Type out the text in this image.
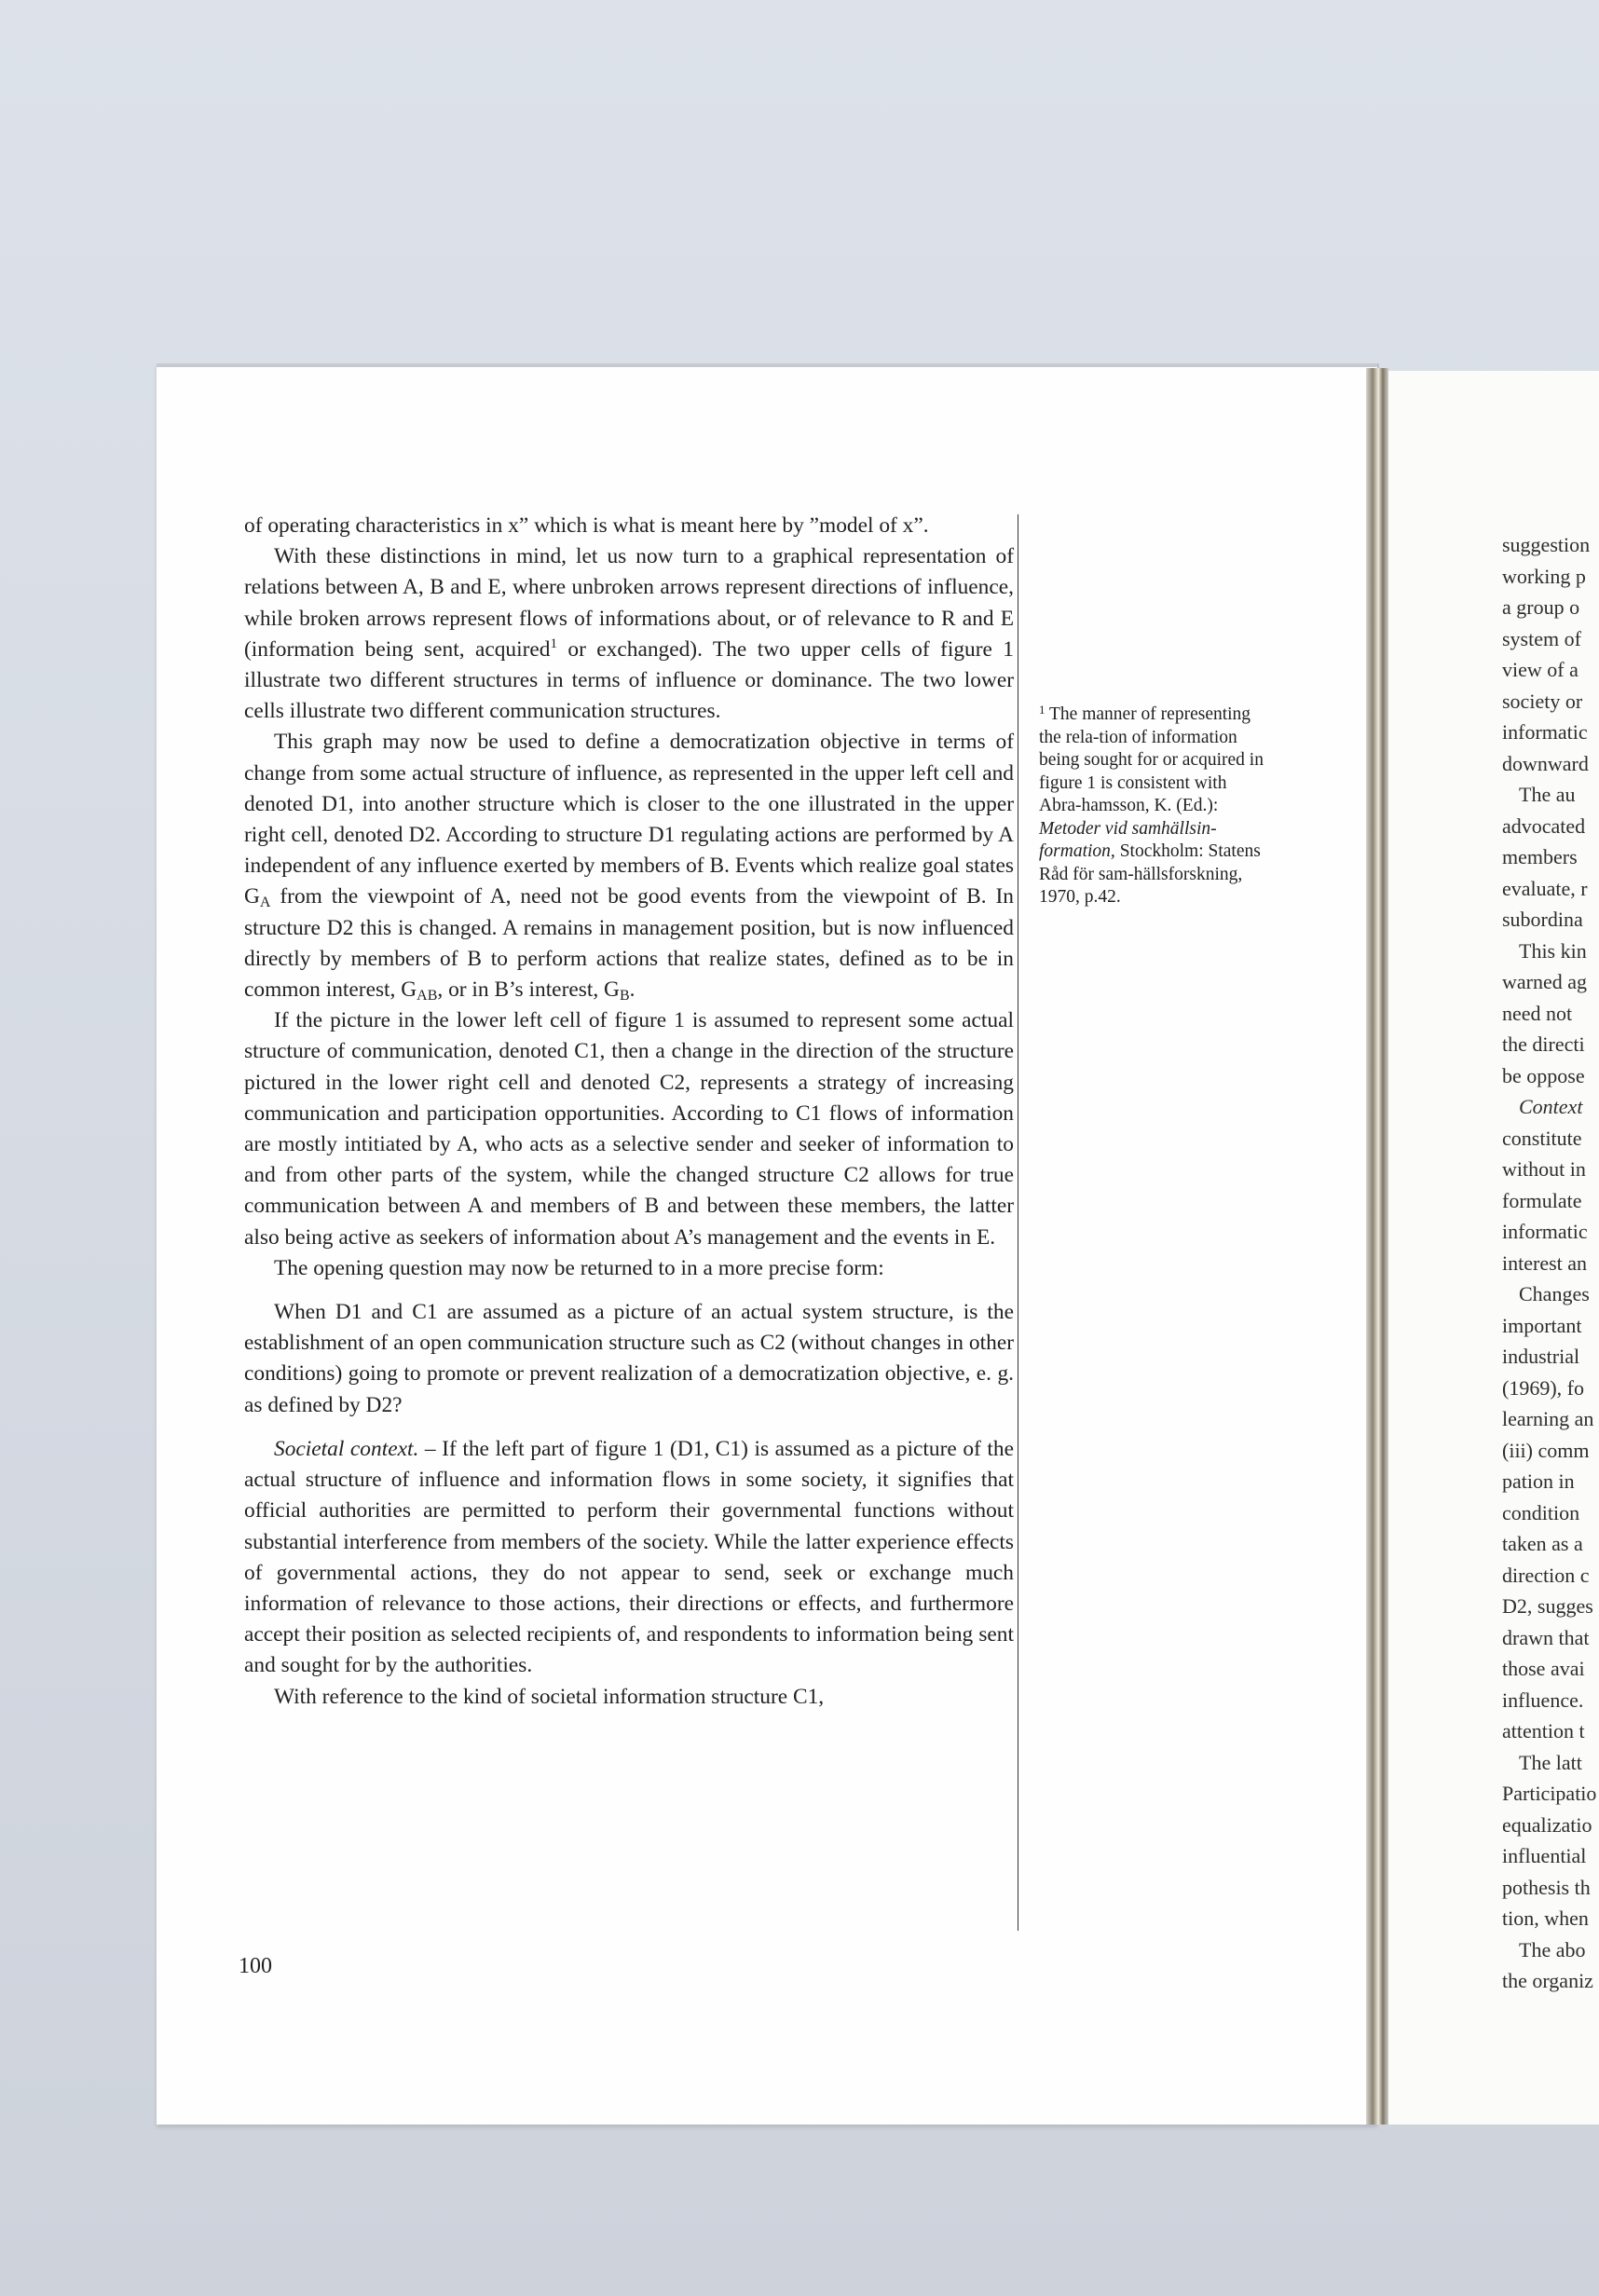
of operating characteristics in x” which is what is meant here by ”model of x”.

With these distinctions in mind, let us now turn to a graphical representation of relations between A, B and E, where unbroken arrows represent directions of influence, while broken arrows represent flows of informations about, or of relevance to R and E (information being sent, acquired$^1$ or exchanged). The two upper cells of figure 1 illustrate two different structures in terms of influence or dominance. The two lower cells illustrate two different communication structures.

This graph may now be used to define a democratization objective in terms of change from some actual structure of influence, as represented in the upper left cell and denoted D1, into another structure which is closer to the one illustrated in the upper right cell, denoted D2. According to structure D1 regulating actions are performed by A independent of any influence exerted by members of B. Events which realize goal states $G_A$ from the viewpoint of A, need not be good events from the viewpoint of B. In structure D2 this is changed. A remains in management position, but is now influenced directly by members of B to perform actions that realize states, defined as to be in common interest, $G_{AB}$, or in B’s interest, $G_B$.

If the picture in the lower left cell of figure 1 is assumed to represent some actual structure of communication, denoted C1, then a change in the direction of the structure pictured in the lower right cell and denoted C2, represents a strategy of increasing communication and participation opportunities. According to C1 flows of information are mostly intitiated by A, who acts as a selective sender and seeker of information to and from other parts of the system, while the changed structure C2 allows for true communication between A and members of B and between these members, the latter also being active as seekers of information about A’s management and the events in E.

The opening question may now be returned to in a more precise form:

When D1 and C1 are assumed as a picture of an actual system structure, is the establishment of an open communication structure such as C2 (without changes in other conditions) going to promote or prevent realization of a democratization objective, e. g. as defined by D2?

Societal context. – If the left part of figure 1 (D1, C1) is assumed as a picture of the actual structure of influence and information flows in some society, it signifies that official authorities are permitted to perform their governmental functions without substantial interference from members of the society. While the latter experience effects of governmental actions, they do not appear to send, seek or exchange much information of relevance to those actions, their directions or effects, and furthermore accept their position as selected recipients of, and respondents to information being sent and sought for by the authorities.

With reference to the kind of societal information structure C1,

$^1$ The manner of representing the rela-tion of information being sought for or acquired in figure 1 is consistent with Abra-hamsson, K. (Ed.): Metoder vid samhällsin-formation, Stockholm: Statens Råd för sam-hällsforskning, 1970, p.42.
100
suggestion
working p
a group o
system of
view of a
society or
informatic
downward
The au
advocated
members
evaluate, r
subordina
This kin
warned ag
need not
the directi
be oppose
Context
constitute
without in
formulate
informatic
interest an
Changes
important
industrial
(1969), fo
learning an
(iii) comm
pation in
condition
taken as a
direction c
D2, sugges
drawn that
those avai
influence.
attention t
The latt
Participatio
equalizatio
influential
pothesis th
tion, when
The abo
the organiz
